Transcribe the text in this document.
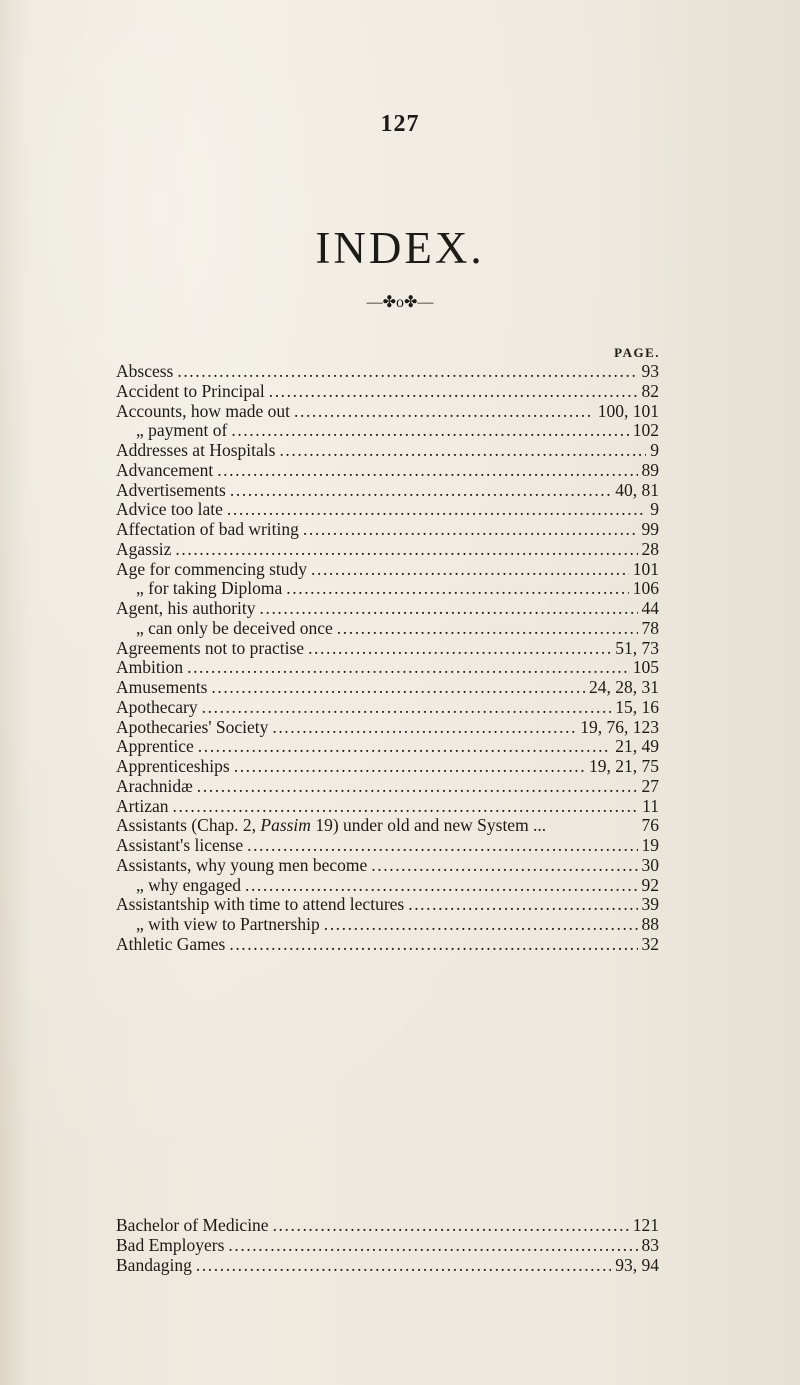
127
INDEX.
—✤o✤—
PAGE.
Abscess .....	93
Accident to Principal .....	82
Accounts, how made out .....	100, 101
„ payment of .....	102
Addresses at Hospitals .....	9
Advancement .....	89
Advertisements .....	40, 81
Advice too late .....	9
Affectation of bad writing .....	99
Agassiz .....	28
Age for commencing study .....	101
„ for taking Diploma .....	106
Agent, his authority .....	44
„ can only be deceived once .....	78
Agreements not to practise .....	51, 73
Ambition .....	105
Amusements .....	24, 28, 31
Apothecary .....	15, 16
Apothecaries' Society .....	19, 76, 123
Apprentice .....	21, 49
Apprenticeships .....	19, 21, 75
Arachnidæ .....	27
Artizan .....	11
Assistants (Chap. 2, Passim 19) under old and new System ...	76
Assistant's license .....	19
Assistants, why young men become .....	30
„ why engaged .....	92
Assistantship with time to attend lectures .....	39
„ with view to Partnership .....	88
Athletic Games .....	32
Bachelor of Medicine .....	121
Bad Employers .....	83
Bandaging .....	93, 94
